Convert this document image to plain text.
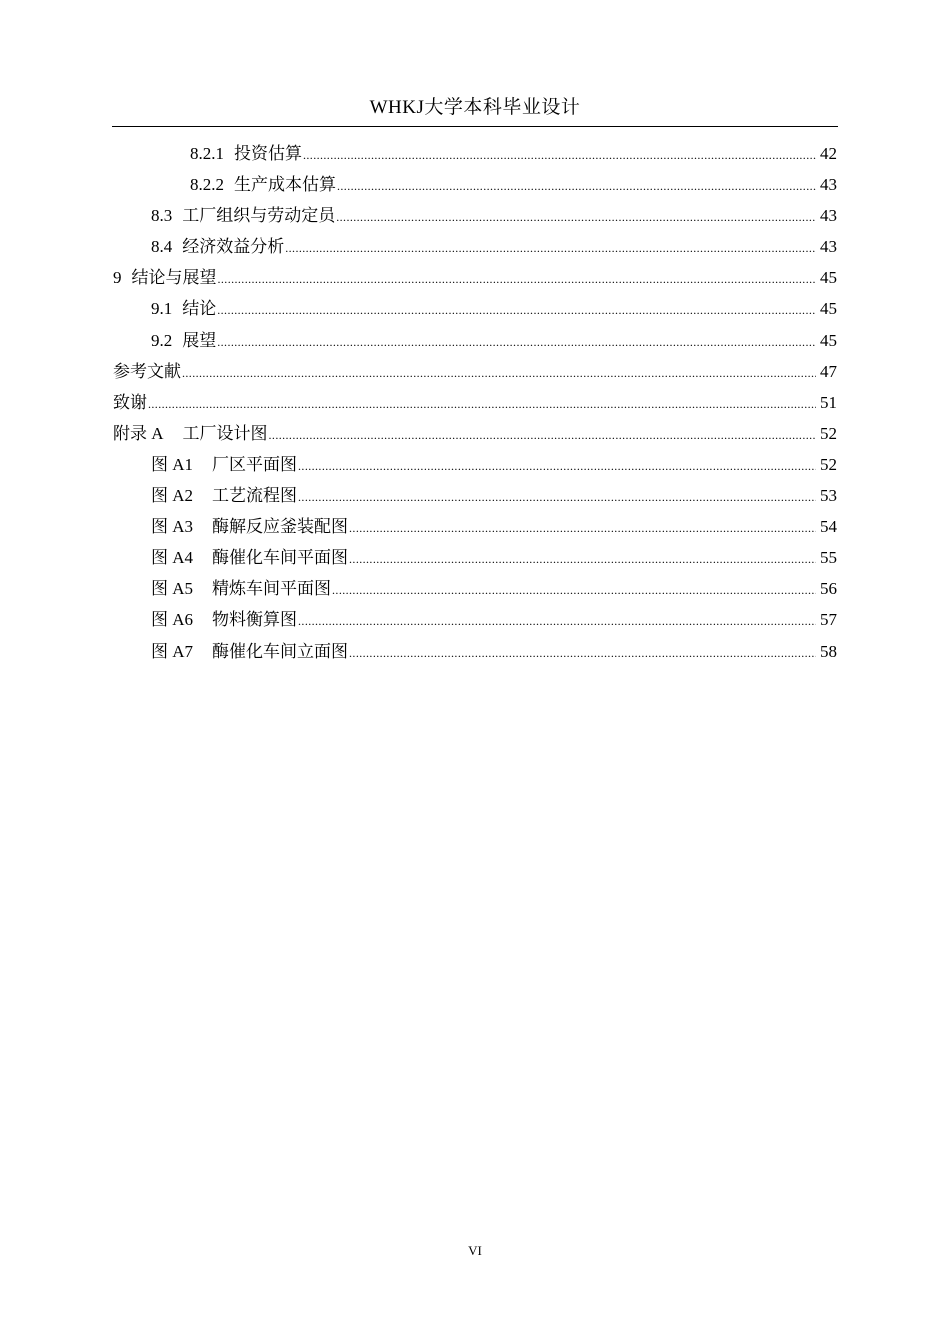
WHKJ大学本科毕业设计
8.2.1 投资估算 .....	42
8.2.2 生产成本估算 .....	43
8.3 工厂组织与劳动定员 .....	43
8.4 经济效益分析 .....	43
9 结论与展望 .....	45
9.1 结论 .....	45
9.2 展望 .....	45
参考文献 .....	47
致谢 .....	51
附录 A 工厂设计图 .....	52
图 A1 厂区平面图 .....	52
图 A2 工艺流程图 .....	53
图 A3 酶解反应釜装配图 .....	54
图 A4 酶催化车间平面图 .....	55
图 A5 精炼车间平面图 .....	56
图 A6 物料衡算图 .....	57
图 A7 酶催化车间立面图 .....	58
VI
